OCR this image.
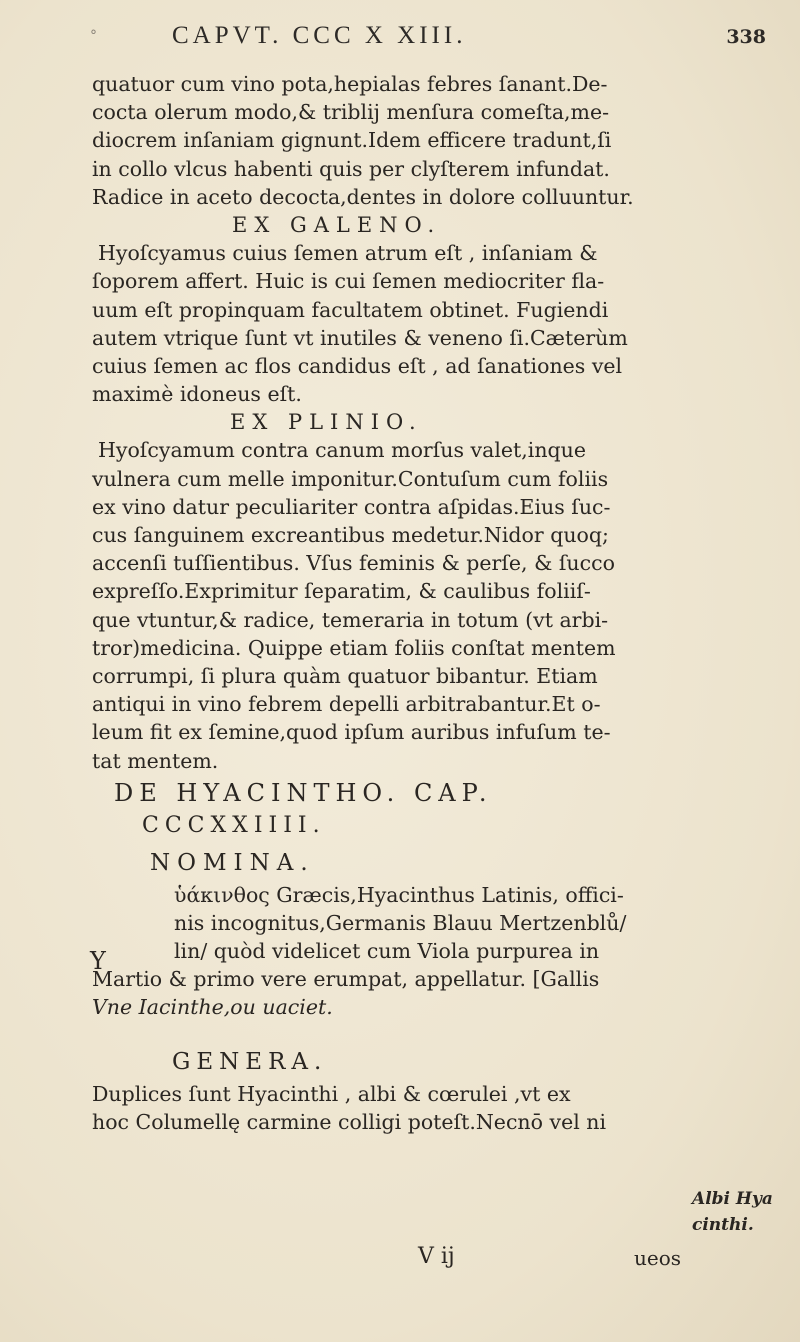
°	CAPVT. CCC X XIII.	338
quatuor cum vino pota,hepialas febres ſanant.De-
cocta olerum modo,& triblij menſura comeſta,me-
diocrem inſaniam gignunt.Idem efficere tradunt,ſi
in collo vlcus habenti quis per clyſterem infundat.
Radice in aceto decocta,dentes in dolore colluuntur.
EX GALENO.
Hyoſcyamus cuius ſemen atrum eſt , inſaniam &
ſoporem affert. Huic is cui ſemen mediocriter fla-
uum eſt propinquam facultatem obtinet. Fugiendi
autem vtrique ſunt vt inutiles & veneno ſi.Cæterùm
cuius ſemen ac flos candidus eſt , ad ſanationes vel
maximè idoneus eſt.
EX PLINIO.
Hyoſcyamum contra canum morſus valet,inque
vulnera cum melle imponitur.Contuſum cum foliis
ex vino datur peculiariter contra aſpidas.Eius ſuc-
cus ſanguinem excreantibus medetur.Nidor quoq;
accenſi tuſſientibus. Vſus feminis & perſe, & ſucco
expreſſo.Exprimitur ſeparatim, & caulibus foliiſ-
que vtuntur,& radice, temeraria in totum (vt arbi-
tror)medicina. Quippe etiam foliis conſtat mentem
corrumpi, ſi plura quàm quatuor bibantur. Etiam
antiqui in vino febrem depelli arbitrabantur.Et o-
leum fit ex ſemine,quod ipſum auribus infuſum te-
tat mentem.
DE HYACINTHO. CAP.
CCCXXIIII.
NOMINA.
ὑάκινθος Græcis,Hyacinthus Latinis, offici-
nis incognitus,Germanis Blauu Mertzenblů/
lin/ quòd videlicet cum Viola purpurea in
Martio & primo vere erumpat, appellatur. [Gallis
Vne Iacinthe,ou uaciet.
GENERA.
Duplices ſunt Hyacinthi , albi & cœrulei ,vt ex
hoc Columellę carmine colligi poteſt.Necnō vel ni
Y
Albi Hya
cinthi.
V ij	ueos
